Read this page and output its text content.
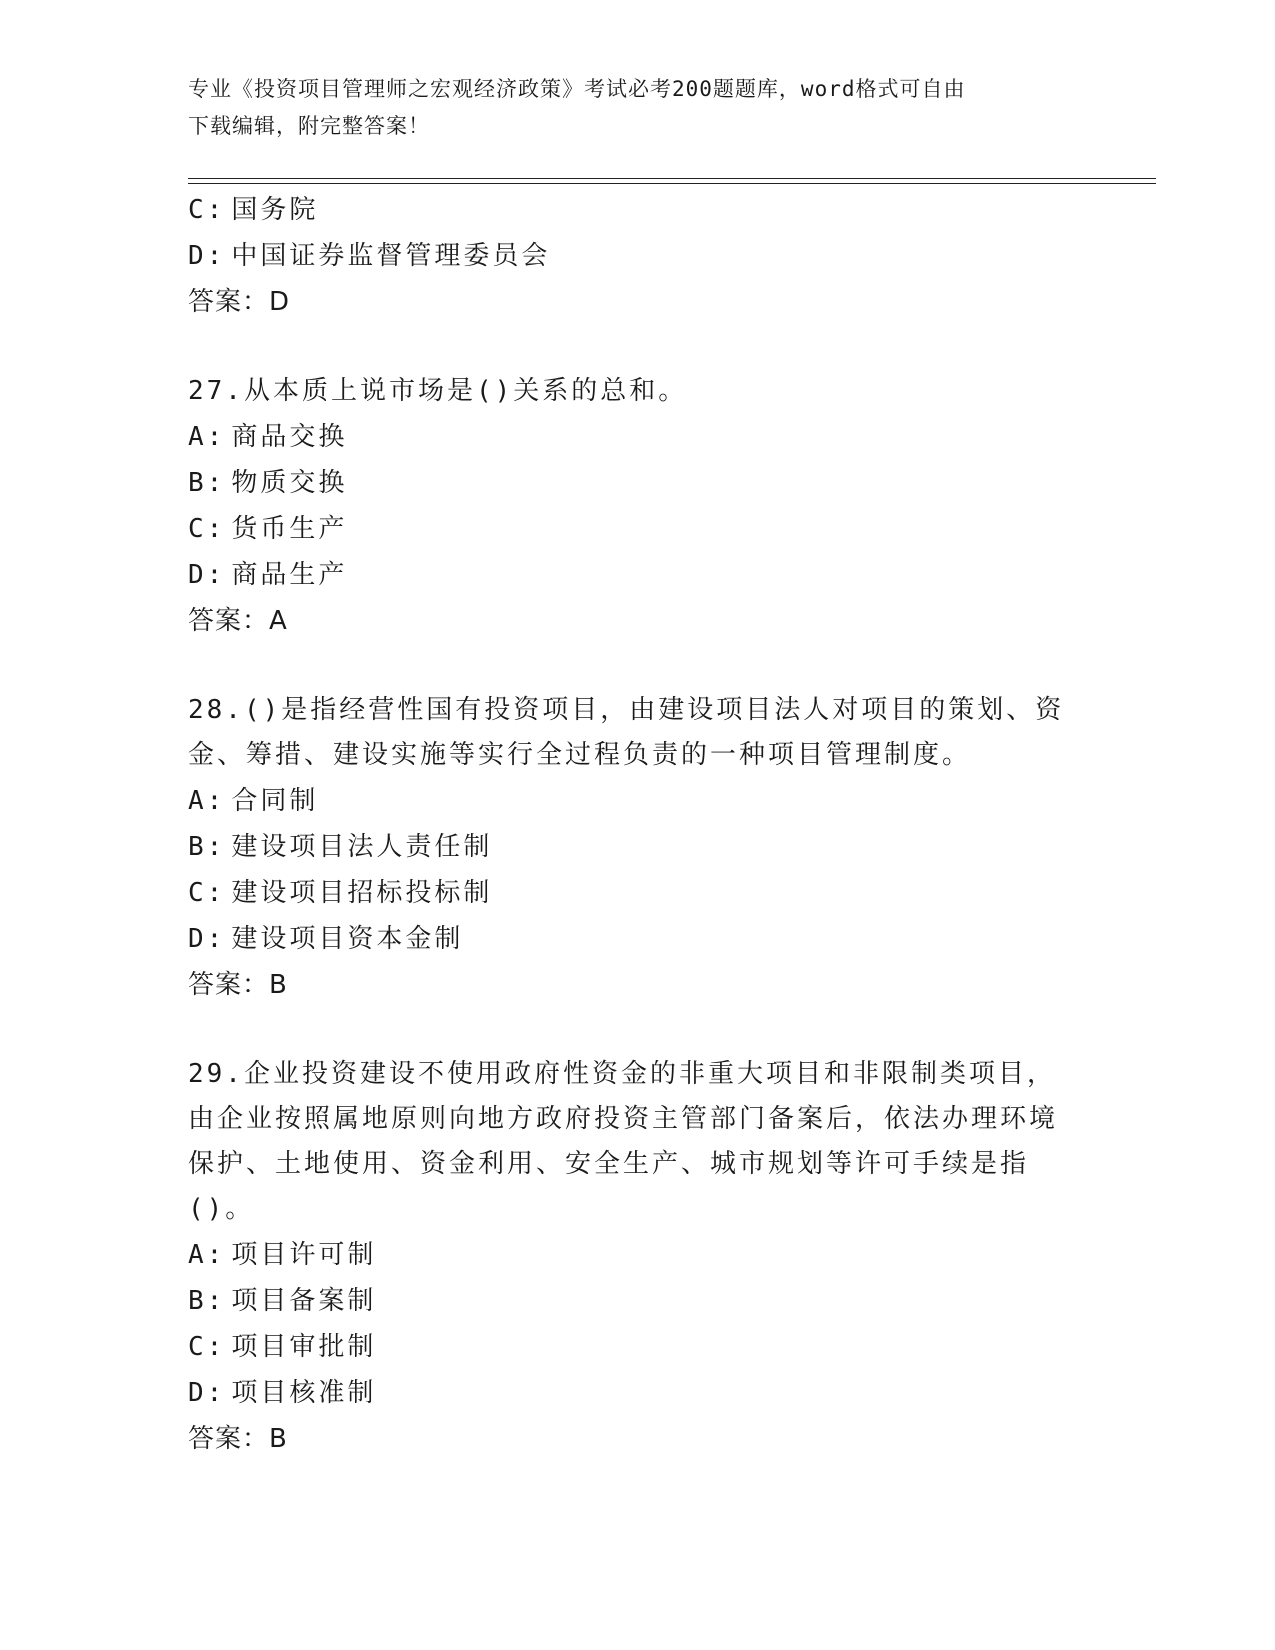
专业《投资项目管理师之宏观经济政策》考试必考200题题库，word格式可自由
下载编辑，附完整答案！
C: 国务院
D: 中国证券监督管理委员会
答案：D
27.从本质上说市场是()关系的总和。
A: 商品交换
B: 物质交换
C: 货币生产
D: 商品生产
答案：A
28.()是指经营性国有投资项目，由建设项目法人对项目的策划、资金、筹措、建设实施等实行全过程负责的一种项目管理制度。
A: 合同制
B: 建设项目法人责任制
C: 建设项目招标投标制
D: 建设项目资本金制
答案：B
29.企业投资建设不使用政府性资金的非重大项目和非限制类项目，由企业按照属地原则向地方政府投资主管部门备案后，依法办理环境保护、土地使用、资金利用、安全生产、城市规划等许可手续是指()。
A: 项目许可制
B: 项目备案制
C: 项目审批制
D: 项目核准制
答案：B
